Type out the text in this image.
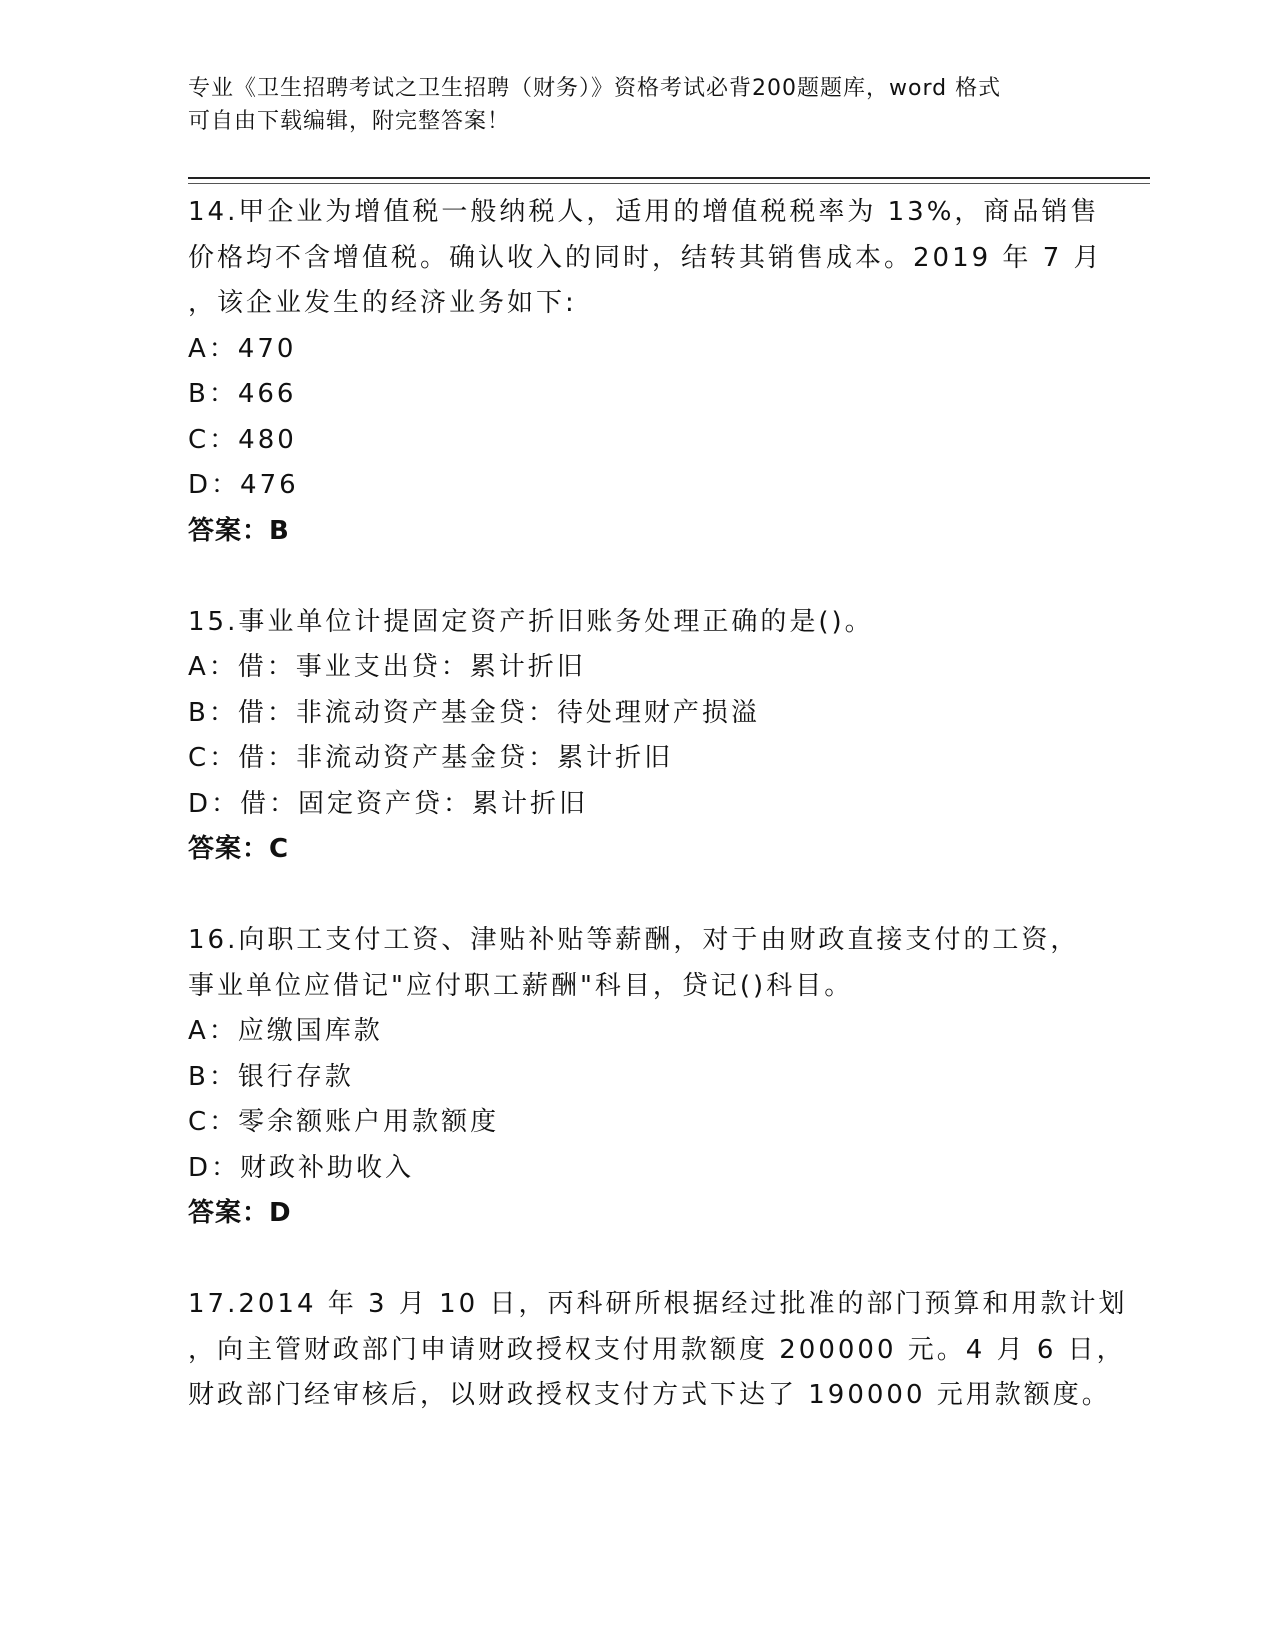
专业《卫生招聘考试之卫生招聘（财务）》资格考试必背200题题库，word 格式
可自由下载编辑，附完整答案！
14.甲企业为增值税一般纳税人，适用的增值税税率为 13%，商品销售
价格均不含增值税。确认收入的同时，结转其销售成本。2019 年 7 月
，该企业发生的经济业务如下:
A：470
B：466
C：480
D：476
答案：B
15.事业单位计提固定资产折旧账务处理正确的是()。
A：借：事业支出贷：累计折旧
B：借：非流动资产基金贷：待处理财产损溢
C：借：非流动资产基金贷：累计折旧
D：借：固定资产贷：累计折旧
答案：C
16.向职工支付工资、津贴补贴等薪酬，对于由财政直接支付的工资，
事业单位应借记"应付职工薪酬"科目，贷记()科目。
A：应缴国库款
B：银行存款
C：零余额账户用款额度
D：财政补助收入
答案：D
17.2014 年 3 月 10 日，丙科研所根据经过批准的部门预算和用款计划
，向主管财政部门申请财政授权支付用款额度 200000 元。4 月 6 日，
财政部门经审核后，以财政授权支付方式下达了 190000 元用款额度。
